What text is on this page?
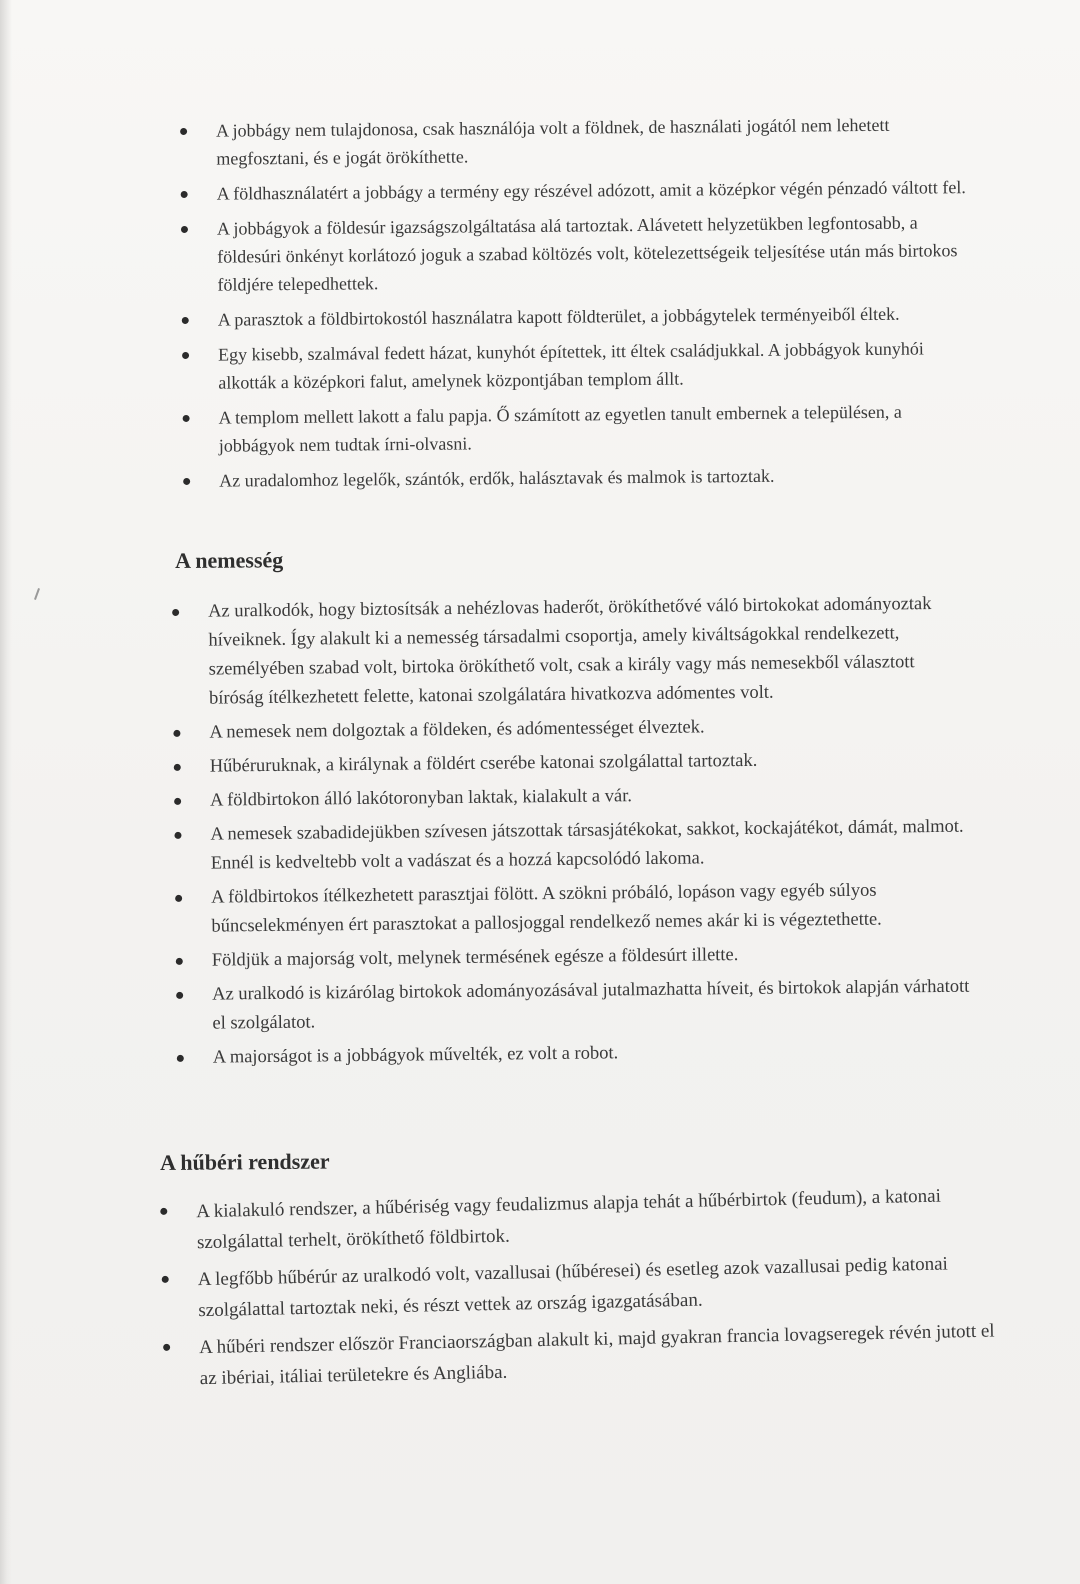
A jobbágy nem tulajdonosa, csak használója volt a földnek, de használati jogától nem lehetett megfosztani, és e jogát örökíthette.
A földhasználatért a jobbágy a termény egy részével adózott, amit a középkor végén pénzadó váltott fel.
A jobbágyok a földesúr igazságszolgáltatása alá tartoztak. Alávetett helyzetükben legfontosabb, a földesúri önkényt korlátozó joguk a szabad költözés volt, kötelezettségeik teljesítése után más birtokos földjére telepedhettek.
A parasztok a földbirtokostól használatra kapott földterület, a jobbágytelek terményeiből éltek.
Egy kisebb, szalmával fedett házat, kunyhót építettek, itt éltek családjukkal. A jobbágyok kunyhói alkották a középkori falut, amelynek központjában templom állt.
A templom mellett lakott a falu papja. Ő számított az egyetlen tanult embernek a településen, a jobbágyok nem tudtak írni-olvasni.
Az uradalomhoz legelők, szántók, erdők, halásztavak és malmok is tartoztak.
A nemesség
Az uralkodók, hogy biztosítsák a nehézlovas haderőt, örökíthetővé váló birtokokat adományoztak híveiknek. Így alakult ki a nemesség társadalmi csoportja, amely kiváltságokkal rendelkezett, személyében szabad volt, birtoka örökíthető volt, csak a király vagy más nemesekből választott bíróság ítélkezhetett felette, katonai szolgálatára hivatkozva adómentes volt.
A nemesek nem dolgoztak a földeken, és adómentességet élveztek.
Hűbéruruknak, a királynak a földért cserébe katonai szolgálattal tartoztak.
A földbirtokon álló lakótoronyban laktak, kialakult a vár.
A nemesek szabadidejükben szívesen játszottak társasjátékokat, sakkot, kockajátékot, dámát, malmot. Ennél is kedveltebb volt a vadászat és a hozzá kapcsolódó lakoma.
A földbirtokos ítélkezhetett parasztjai fölött. A szökni próbáló, lopáson vagy egyéb súlyos bűncselekményen ért parasztokat a pallosjoggal rendelkező nemes akár ki is végeztethette.
Földjük a majorság volt, melynek termésének egésze a földesúrt illette.
Az uralkodó is kizárólag birtokok adományozásával jutalmazhatta híveit, és birtokok alapján várhatott el szolgálatot.
A majorságot is a jobbágyok művelték, ez volt a robot.
A hűbéri rendszer
A kialakuló rendszer, a hűbériség vagy feudalizmus alapja tehát a hűbérbirtok (feudum), a katonai szolgálattal terhelt, örökíthető földbirtok.
A legfőbb hűbérúr az uralkodó volt, vazallusai (hűbéresei) és esetleg azok vazallusai pedig katonai szolgálattal tartoztak neki, és részt vettek az ország igazgatásában.
A hűbéri rendszer először Franciaországban alakult ki, majd gyakran francia lovagseregek révén jutott el az ibériai, itáliai területekre és Angliába.
